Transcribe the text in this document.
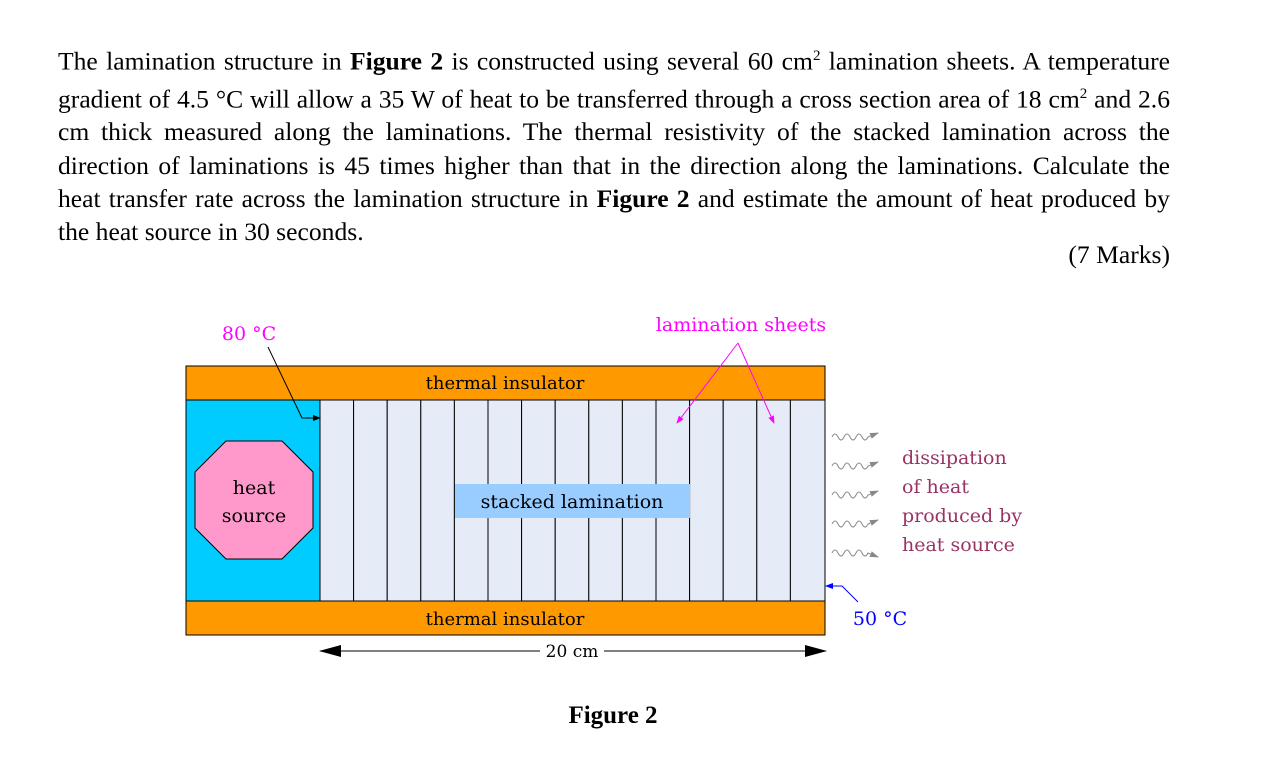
The lamination structure in Figure 2 is constructed using several 60 $cm^2$ lamination sheets. A temperature gradient of 4.5 °C will allow a 35 W of heat to be transferred through a cross section area of 18 $cm^2$ and 2.6 cm thick measured along the laminations. The thermal resistivity of the stacked lamination across the direction of laminations is 45 times higher than that in the direction along the laminations. Calculate the heat transfer rate across the lamination structure in Figure 2 and estimate the amount of heat produced by the heat source in 30 seconds.
(7 Marks)
thermal insulator
thermal insulator
heat
source
stacked lamination
80 °C	lamination sheets
dissipation
of heat
produced by
heat source
50 °C
20 cm
Figure 2
